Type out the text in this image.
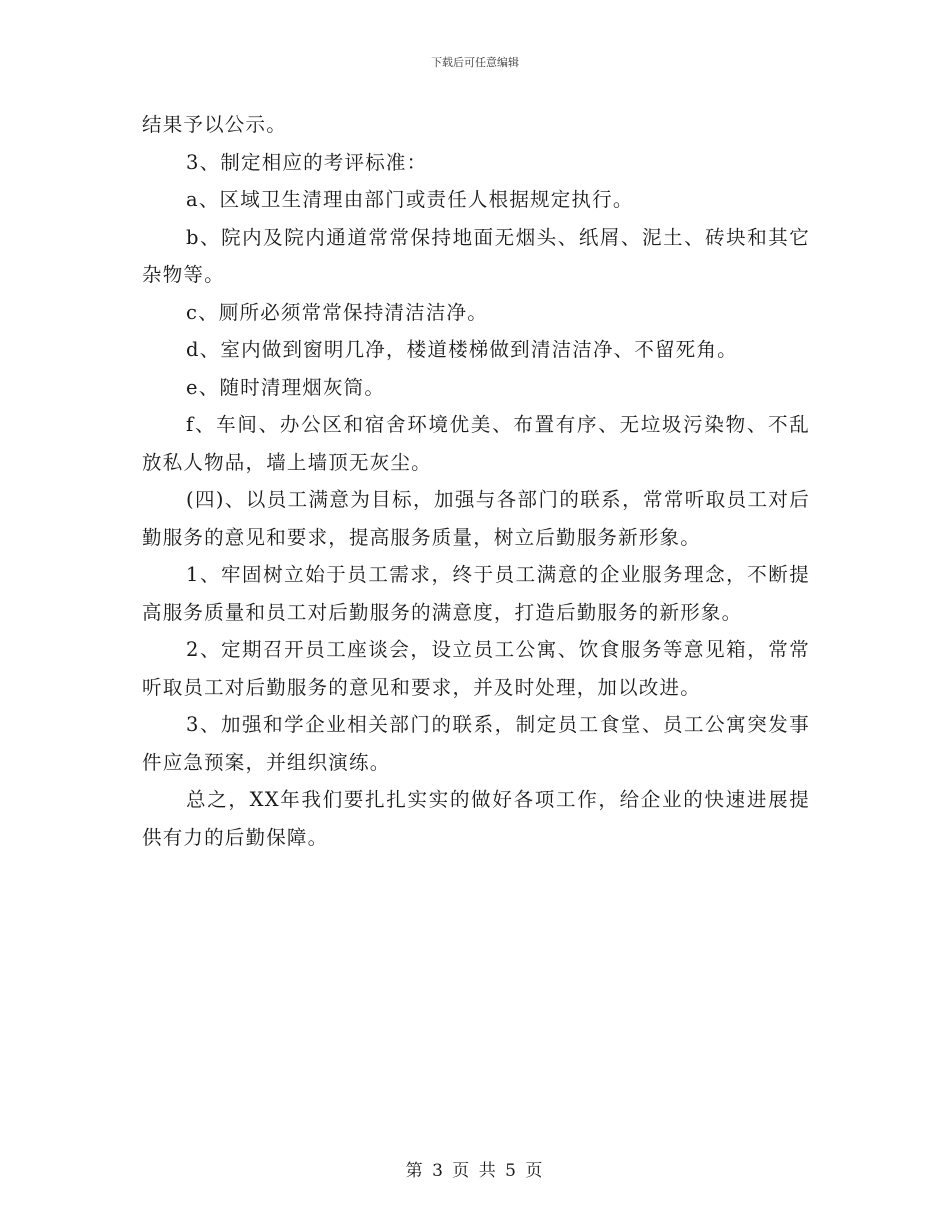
下载后可任意编辑

结果予以公示。

3、制定相应的考评标准：

a、区域卫生清理由部门或责任人根据规定执行。

b、院内及院内通道常常保持地面无烟头、纸屑、泥土、砖块和其它杂物等。

c、厕所必须常常保持清洁洁净。

d、室内做到窗明几净，楼道楼梯做到清洁洁净、不留死角。

e、随时清理烟灰筒。

f、车间、办公区和宿舍环境优美、布置有序、无垃圾污染物、不乱放私人物品，墙上墙顶无灰尘。

(四)、以员工满意为目标，加强与各部门的联系，常常听取员工对后勤服务的意见和要求，提高服务质量，树立后勤服务新形象。

1、牢固树立始于员工需求，终于员工满意的企业服务理念，不断提高服务质量和员工对后勤服务的满意度，打造后勤服务的新形象。

2、定期召开员工座谈会，设立员工公寓、饮食服务等意见箱，常常听取员工对后勤服务的意见和要求，并及时处理，加以改进。

3、加强和学企业相关部门的联系，制定员工食堂、员工公寓突发事件应急预案，并组织演练。

总之，XX年我们要扎扎实实的做好各项工作，给企业的快速进展提供有力的后勤保障。

第 3 页 共 5 页
